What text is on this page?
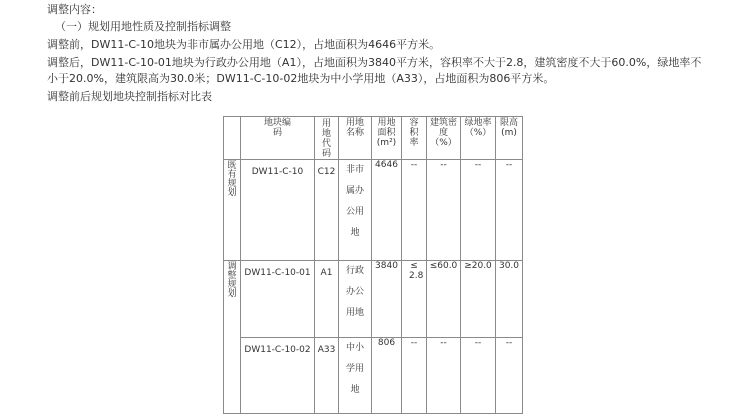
调整内容：
（一）规划用地性质及控制指标调整
调整前，DW11-C-10地块为非市属办公用地（C12），占地面积为4646平方米。
调整后，DW11-C-10-01地块为行政办公用地（A1），占地面积为3840平方米，容积率不大于2.8，建筑密度不大于60.0%，绿地率不
小于20.0%，建筑限高为30.0米；DW11-C-10-02地块为中小学用地（A33），占地面积为806平方米。
调整前后规划地块控制指标对比表

	地块编码	用地代码	用地名称	用地面积(m²)	容积率	建筑密度（%）	绿地率（%）	限高(m)

既有规划	DW11-C-10	C12	非市属办公用地	4646	--	--	--	--

调整规划	DW11-C-10-01	A1	行政办公用地	3840	≤ 2.8	≤60.0	≥20.0	30.0
	DW11-C-10-02	A33	中小学用地	806	--	--	--	--
